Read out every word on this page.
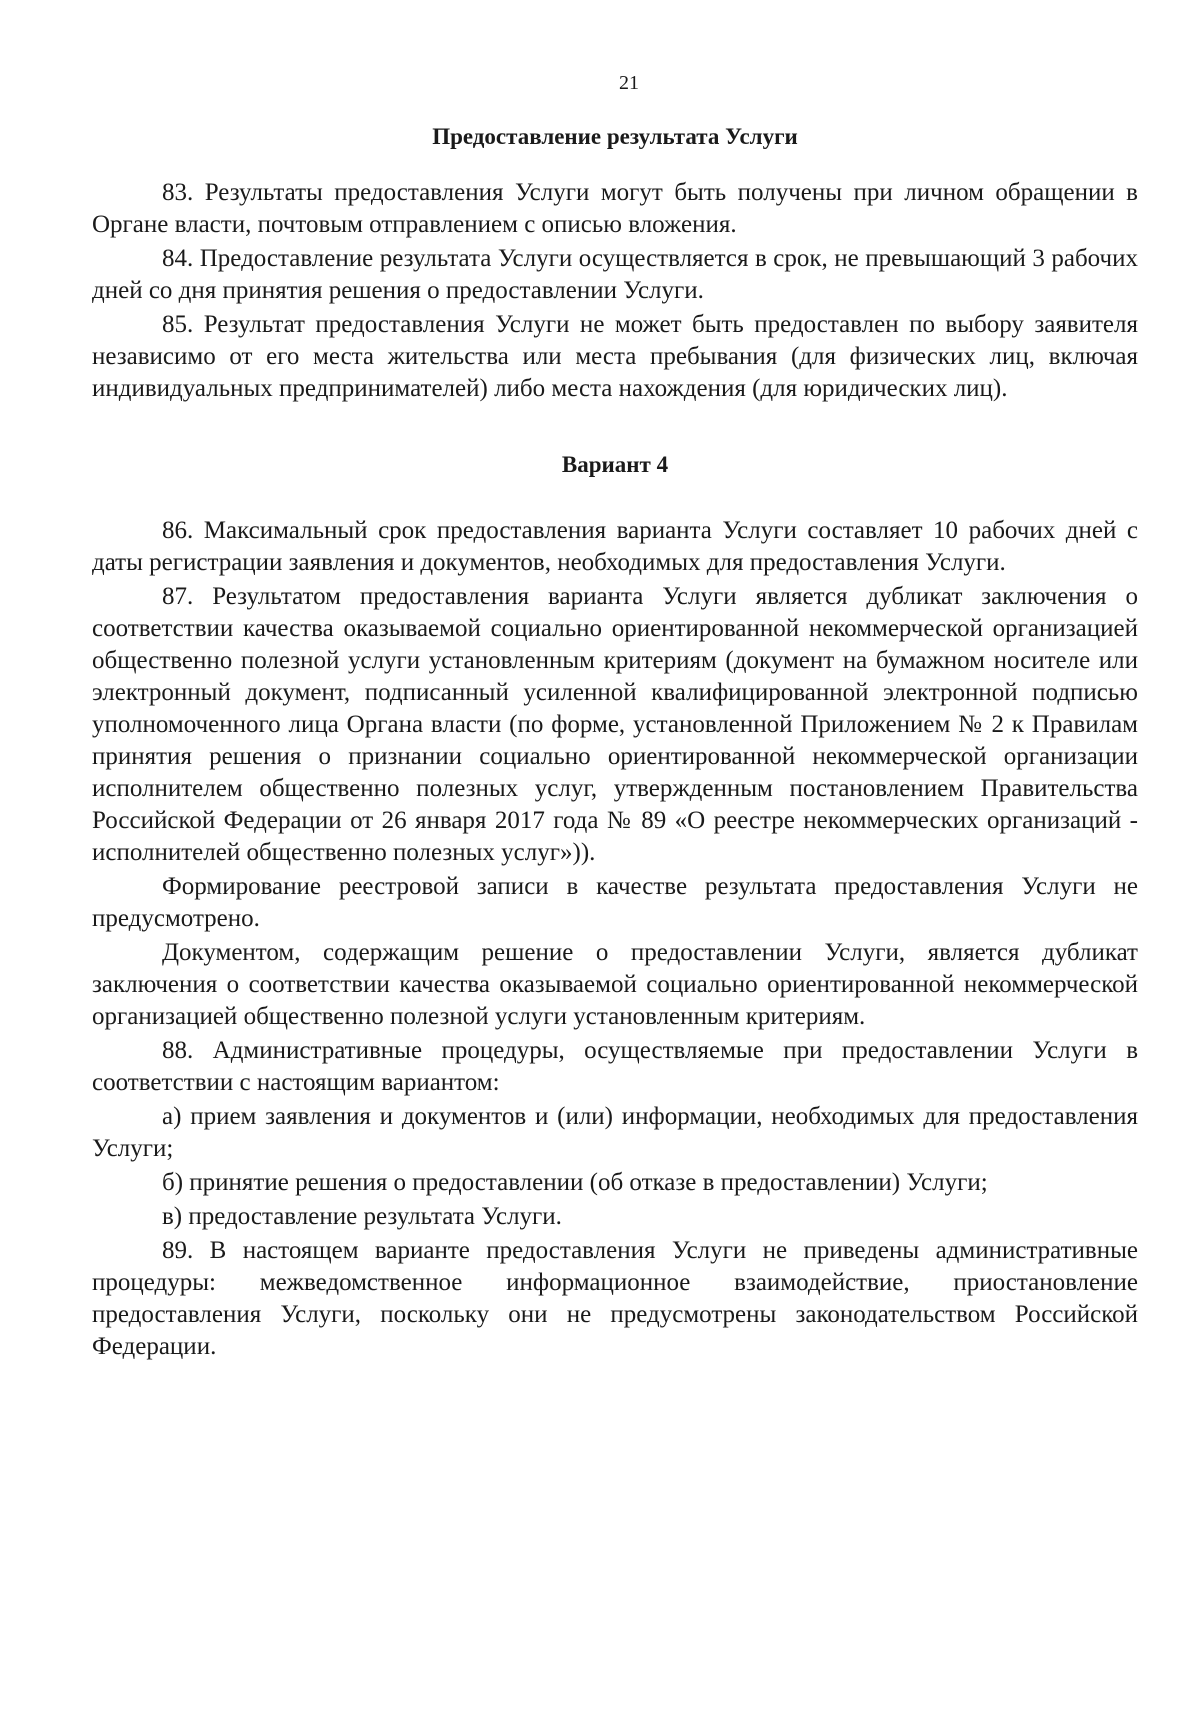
21
Предоставление результата Услуги

83. Результаты предоставления Услуги могут быть получены при личном обращении в Органе власти, почтовым отправлением с описью вложения.

84. Предоставление результата Услуги осуществляется в срок, не превышающий 3 рабочих дней со дня принятия решения о предоставлении Услуги.

85. Результат предоставления Услуги не может быть предоставлен по выбору заявителя независимо от его места жительства или места пребывания (для физических лиц, включая индивидуальных предпринимателей) либо места нахождения (для юридических лиц).

Вариант 4

86. Максимальный срок предоставления варианта Услуги составляет 10 рабочих дней с даты регистрации заявления и документов, необходимых для предоставления Услуги.

87. Результатом предоставления варианта Услуги является дубликат заключения о соответствии качества оказываемой социально ориентированной некоммерческой организацией общественно полезной услуги установленным критериям (документ на бумажном носителе или электронный документ, подписанный усиленной квалифицированной электронной подписью уполномоченного лица Органа власти (по форме, установленной Приложением № 2 к Правилам принятия решения о признании социально ориентированной некоммерческой организации исполнителем общественно полезных услуг, утвержденным постановлением Правительства Российской Федерации от 26 января 2017 года № 89 «О реестре некоммерческих организаций - исполнителей общественно полезных услуг»)).

Формирование реестровой записи в качестве результата предоставления Услуги не предусмотрено.

Документом, содержащим решение о предоставлении Услуги, является дубликат заключения о соответствии качества оказываемой социально ориентированной некоммерческой организацией общественно полезной услуги установленным критериям.

88. Административные процедуры, осуществляемые при предоставлении Услуги в соответствии с настоящим вариантом:

а) прием заявления и документов и (или) информации, необходимых для предоставления Услуги;

б) принятие решения о предоставлении (об отказе в предоставлении) Услуги;

в) предоставление результата Услуги.

89. В настоящем варианте предоставления Услуги не приведены административные процедуры: межведомственное информационное взаимодействие, приостановление предоставления Услуги, поскольку они не предусмотрены законодательством Российской Федерации.
